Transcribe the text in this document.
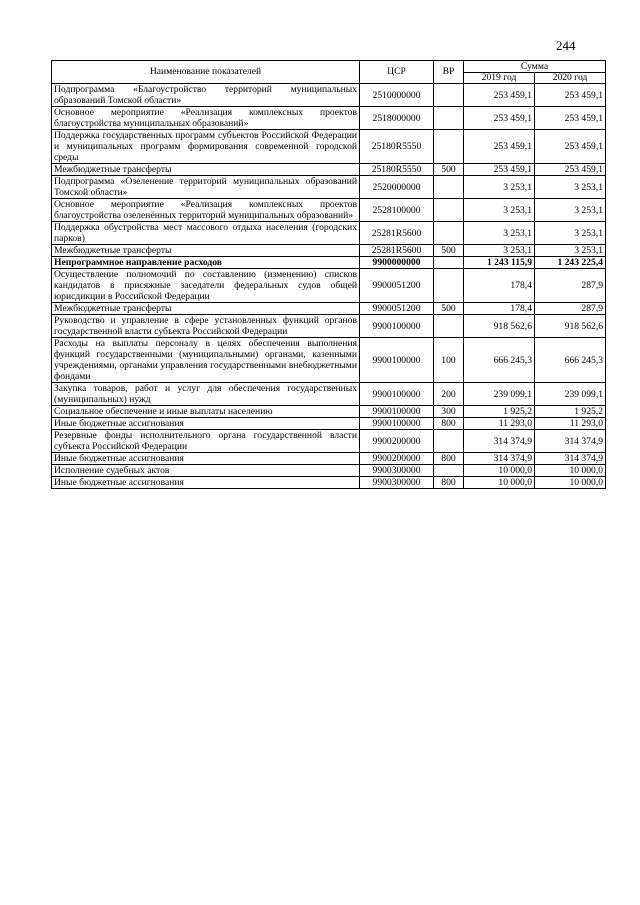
244
Наименование показателей	ЦСР	ВР	Сумма	
			2019 год	2020 год
Подпрограмма «Благоустройство территорий муниципальных образований Томской области»	2510000000		253 459,1	253 459,1
Основное мероприятие «Реализация комплексных проектов благоустройства муниципальных образований»	2518000000		253 459,1	253 459,1
Поддержка государственных программ субъектов Российской Федерации и муниципальных программ формирования современной городской среды	25180R5550		253 459,1	253 459,1
Межбюджетные трансферты	25180R5550	500	253 459,1	253 459,1
Подпрограмма «Озеленение территорий муниципальных образований Томской области»	2520000000		3 253,1	3 253,1
Основное мероприятие «Реализация комплексных проектов благоустройства озеленённых территорий муниципальных образований»	2528100000		3 253,1	3 253,1
Поддержка обустройства мест массового отдыха населения (городских парков)	25281R5600		3 253,1	3 253,1
Межбюджетные трансферты	25281R5600	500	3 253,1	3 253,1
Непрограммное направление расходов	9900000000		1 243 115,9	1 243 225,4
Осуществление полномочий по составлению (изменению) списков кандидатов в присяжные заседатели федеральных судов общей юрисдикции в Российской Федерации	9900051200		178,4	287,9
Межбюджетные трансферты	9900051200	500	178,4	287,9
Руководство и управление в сфере установленных функций органов государственной власти субъекта Российской Федерации	9900100000		918 562,6	918 562,6
Расходы на выплаты персоналу в целях обеспечения выполнения функций государственными (муниципальными) органами, казенными учреждениями, органами управления государственными внебюджетными фондами	9900100000	100	666 245,3	666 245,3
Закупка товаров, работ и услуг для обеспечения государственных (муниципальных) нужд	9900100000	200	239 099,1	239 099,1
Социальное обеспечение и иные выплаты населению	9900100000	300	1 925,2	1 925,2
Иные бюджетные ассигнования	9900100000	800	11 293,0	11 293,0
Резервные фонды исполнительного органа государственной власти субъекта Российской Федерации	9900200000		314 374,9	314 374,9
Иные бюджетные ассигнования	9900200000	800	314 374,9	314 374,9
Исполнение судебных актов	9900300000		10 000,0	10 000,0
Иные бюджетные ассигнования	9900300000	800	10 000,0	10 000,0
